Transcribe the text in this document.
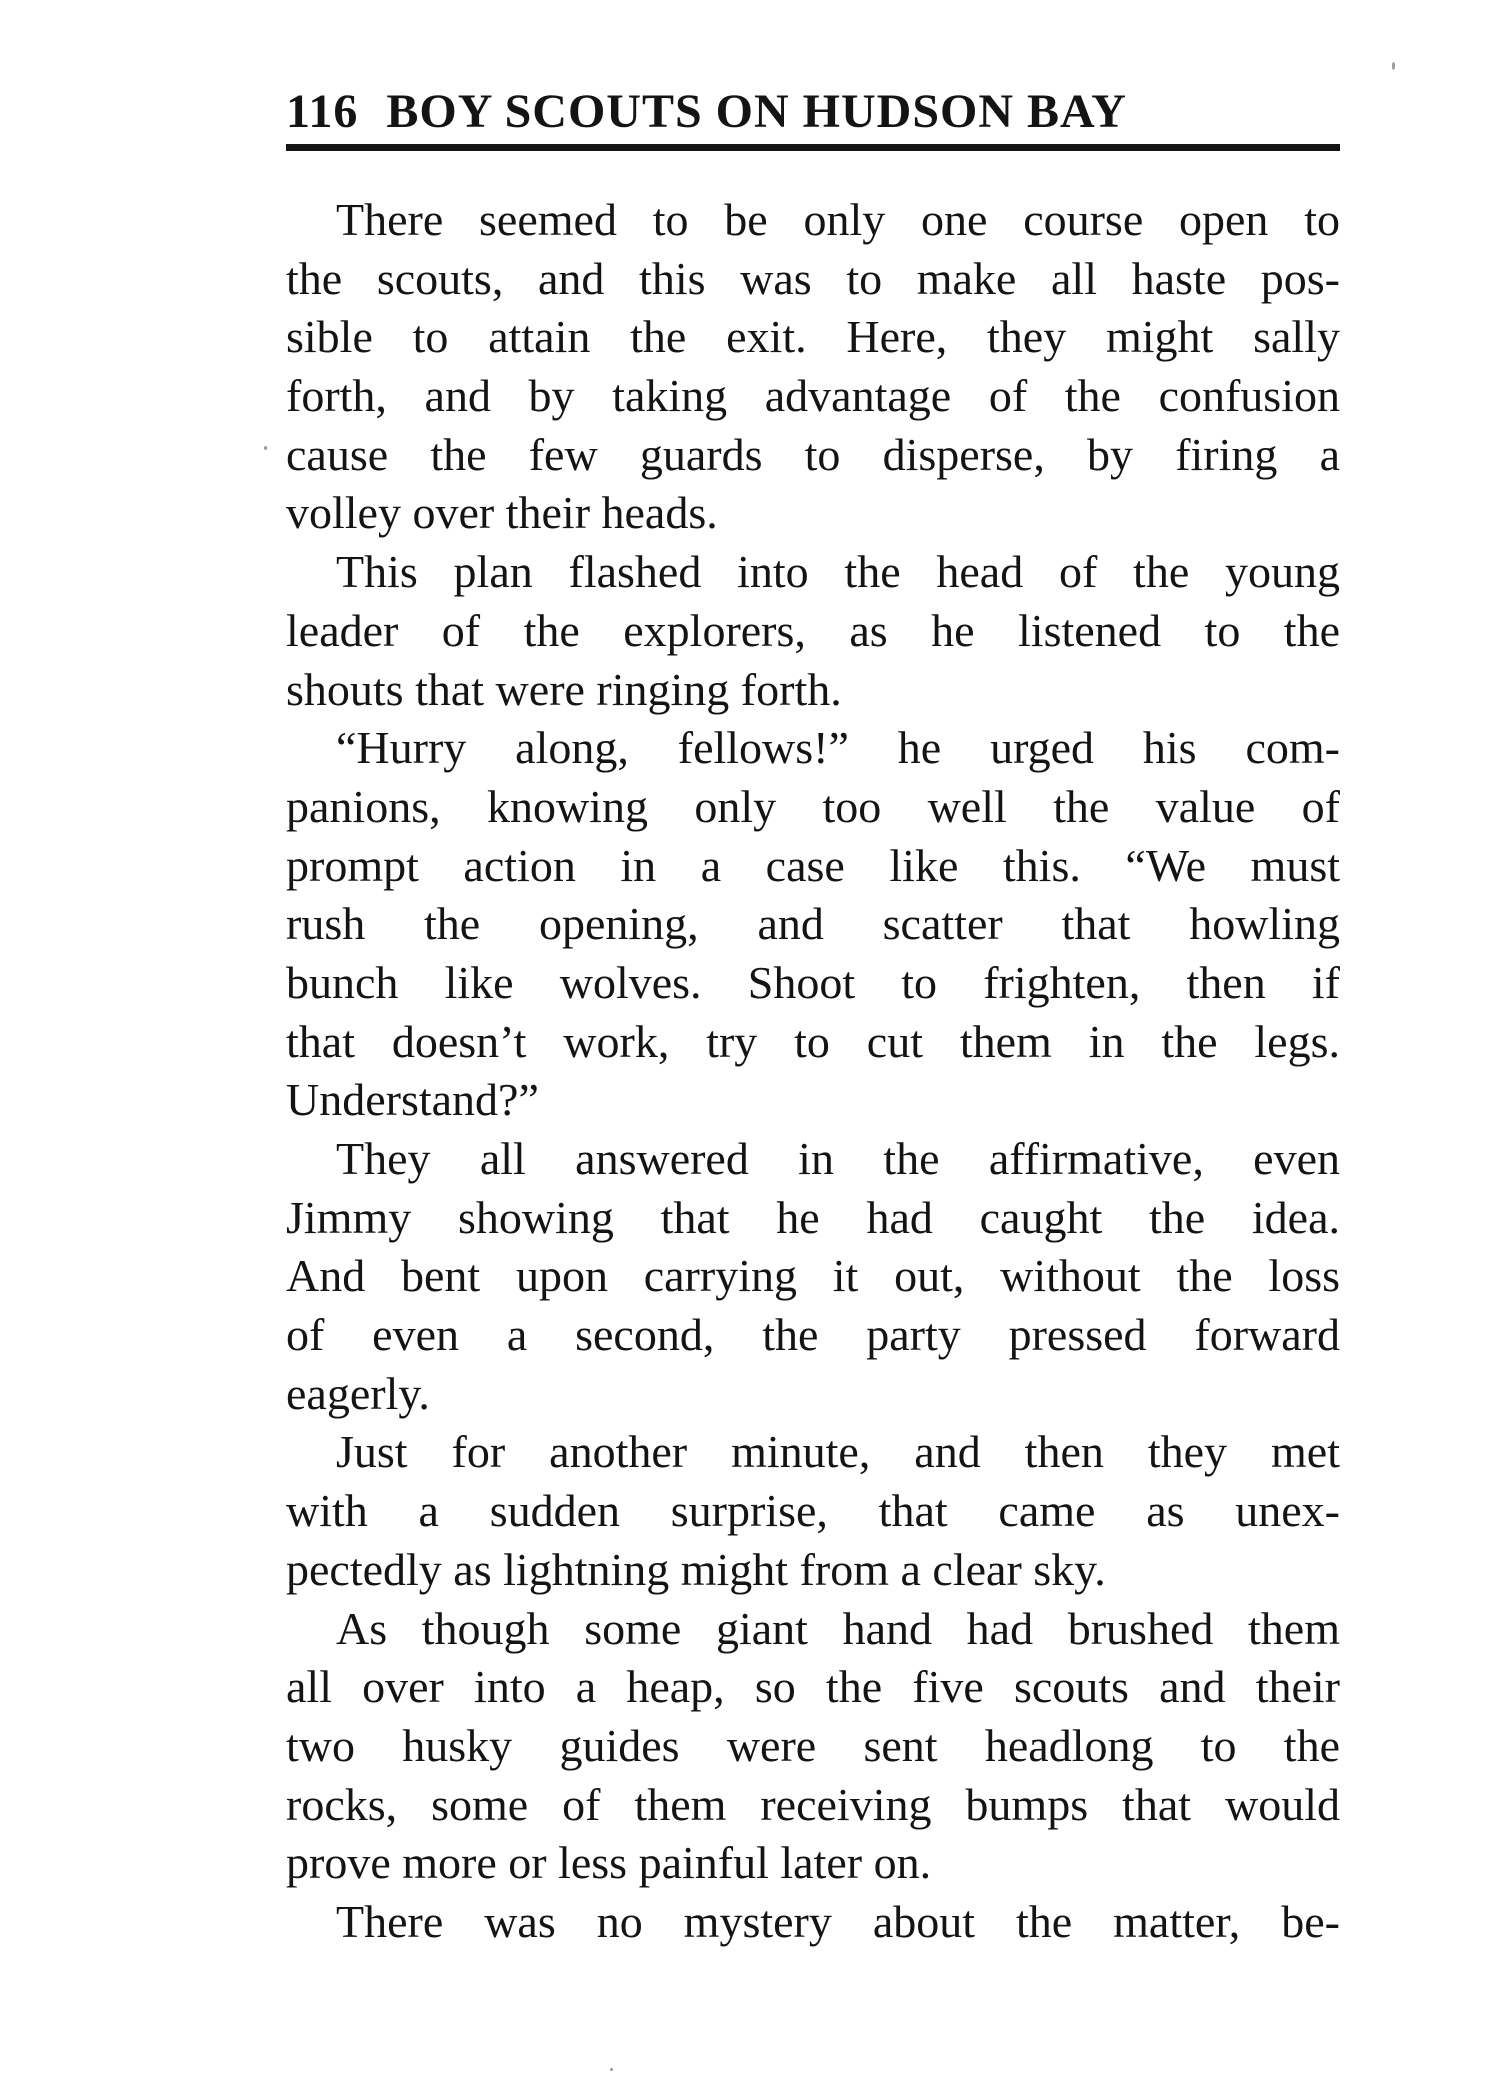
116 BOY SCOUTS ON HUDSON BAY
There seemed to be only one course open to
the scouts, and this was to make all haste pos-
sible to attain the exit. Here, they might sally
forth, and by taking advantage of the confusion
cause the few guards to disperse, by firing a
volley over their heads.
This plan flashed into the head of the young
leader of the explorers, as he listened to the
shouts that were ringing forth.
“Hurry along, fellows!” he urged his com-
panions, knowing only too well the value of
prompt action in a case like this. “We must
rush the opening, and scatter that howling
bunch like wolves. Shoot to frighten, then if
that doesn’t work, try to cut them in the legs.
Understand?”
They all answered in the affirmative, even
Jimmy showing that he had caught the idea.
And bent upon carrying it out, without the loss
of even a second, the party pressed forward
eagerly.
Just for another minute, and then they met
with a sudden surprise, that came as unex-
pectedly as lightning might from a clear sky.
As though some giant hand had brushed them
all over into a heap, so the five scouts and their
two husky guides were sent headlong to the
rocks, some of them receiving bumps that would
prove more or less painful later on.
There was no mystery about the matter, be-
